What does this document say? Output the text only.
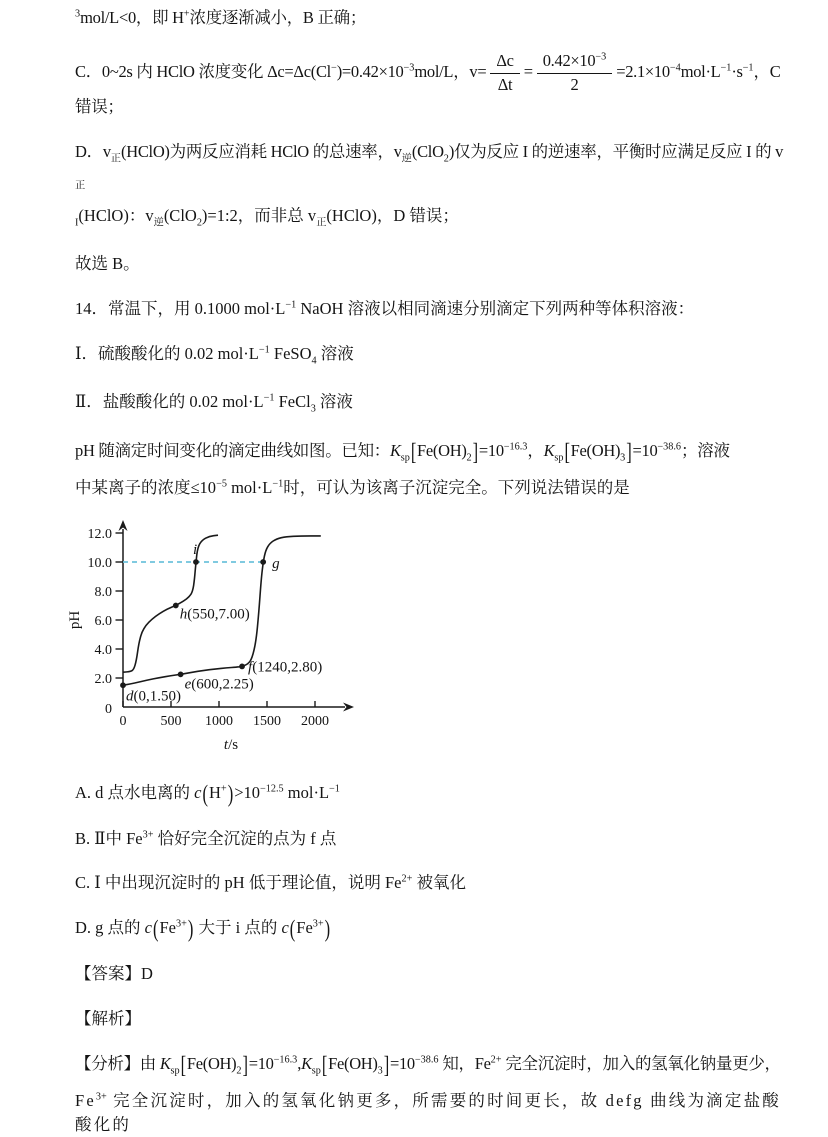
$^3$mol/L<0，即 H+浓度逐渐减小，B 正确；

C．0~2s 内 HClO 浓度变化 $\Delta c=\Delta c(Cl^-)=0.42\times 10^{-3}mol/L$，$v= \frac{\Delta c}{\Delta t} = \frac{0.42\times 10^{-3}}{2} =2.1\times 10^{-4}mol\cdot L^{-1}\cdot s^{-1}$，C 错误；

D．$v_正(HClO)$为两反应消耗 HClO 的总速率，$v_逆(ClO_2)$仅为反应 I 的逆速率，平衡时应满足反应 I 的 $v_正$

$_I$(HClO)：$v_逆(ClO_2)=1:2$，而非总 $v_正(HClO)$，D 错误；

故选 B。

14．常温下，用 0.1000 $mol\cdot L^{-1}$ NaOH 溶液以相同滴速分别滴定下列两种等体积溶液：

Ⅰ．硫酸酸化的 0.02 $mol\cdot L^{-1}$ FeSO$_4$ 溶液

Ⅱ．盐酸酸化的 0.02 $mol\cdot L^{-1}$ FeCl$_3$ 溶液

pH 随滴定时间变化的滴定曲线如图。已知：$K_{sp}[Fe(OH)_2]=10^{-16.3}$，$K_{sp}[Fe(OH)_3]=10^{-38.6}$；溶液

中某离子的浓度$\le 10^{-5}$ $mol\cdot L^{-1}$时，可认为该离子沉淀完全。下列说法错误的是

0 500 1000 1500 2000
2.0
4.0
6.0
8.0
10.0
12.0
0
d(0,1.50)
e(600,2.25)
f(1240,2.80)
h(550,7.00)
i
g
t/s
pH

A. d 点水电离的 $c(H^+)>10^{-12.5}$ $mol\cdot L^{-1}$

B. Ⅱ中 $Fe^{3+}$ 恰好完全沉淀的点为 f 点

C. Ⅰ 中出现沉淀时的 pH 低于理论值，说明 $Fe^{2+}$ 被氧化

D. g 点的 $c(Fe^{3+})$ 大于 i 点的 $c(Fe^{3+})$

【答案】D

【解析】

【分析】由 $K_{sp}[Fe(OH)_2]=10^{-16.3},K_{sp}[Fe(OH)_3]=10^{-38.6}$ 知，$Fe^{2+}$ 完全沉淀时，加入的氢氧化钠量更少，

$Fe^{3+}$ 完全沉淀时，加入的氢氧化钠更多，所需要的时间更长，故 defg 曲线为滴定盐酸酸化的
